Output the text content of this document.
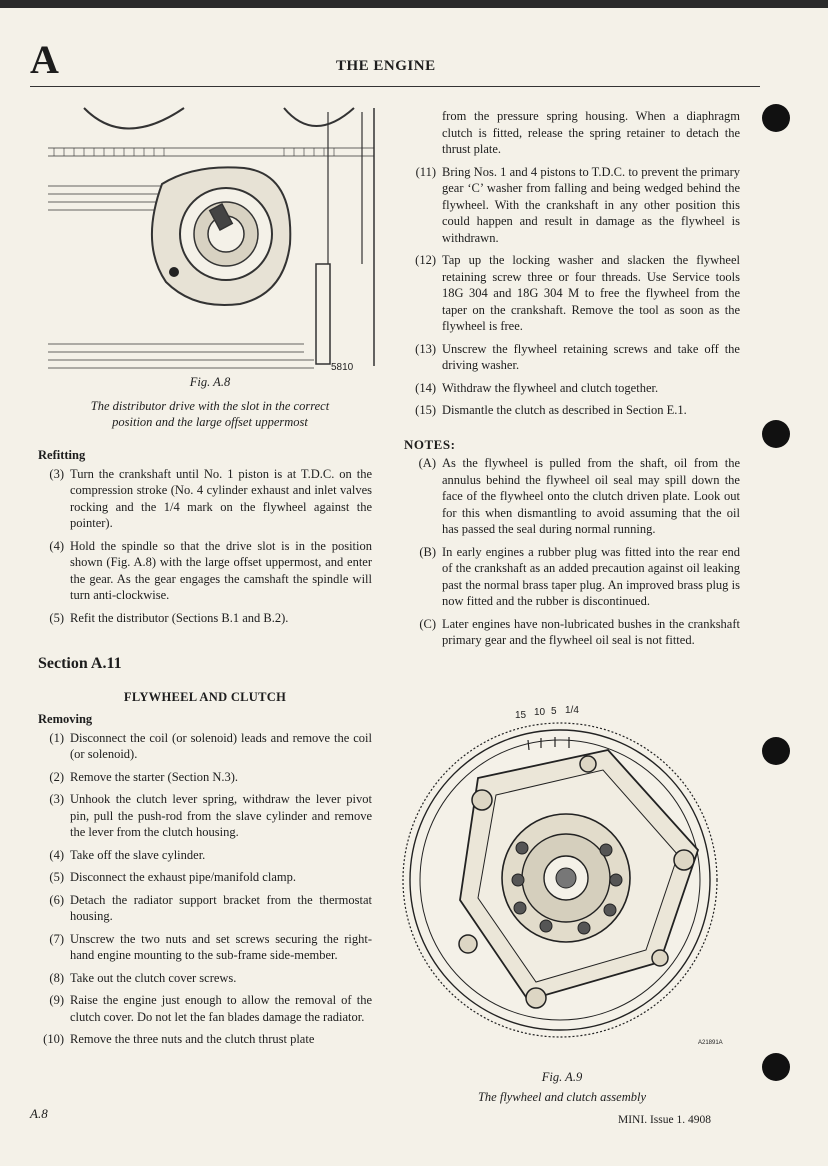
A	THE ENGINE
5810
Fig. A.8
The distributor drive with the slot in the correct
position and the large offset uppermost
Refitting
(3) Turn the crankshaft until No. 1 piston is at T.D.C. on the compression stroke (No. 4 cylinder exhaust and inlet valves rocking and the 1/4 mark on the flywheel against the pointer).
(4) Hold the spindle so that the drive slot is in the position shown (Fig. A.8) with the large offset uppermost, and enter the gear. As the gear engages the camshaft the spindle will turn anti-clockwise.
(5) Refit the distributor (Sections B.1 and B.2).
Section A.11
FLYWHEEL AND CLUTCH
Removing
(1) Disconnect the coil (or solenoid) leads and remove the coil (or solenoid).
(2) Remove the starter (Section N.3).
(3) Unhook the clutch lever spring, withdraw the lever pivot pin, pull the push-rod from the slave cylinder and remove the lever from the clutch housing.
(4) Take off the slave cylinder.
(5) Disconnect the exhaust pipe/manifold clamp.
(6) Detach the radiator support bracket from the thermostat housing.
(7) Unscrew the two nuts and set screws securing the right-hand engine mounting to the sub-frame side-member.
(8) Take out the clutch cover screws.
(9) Raise the engine just enough to allow the removal of the clutch cover. Do not let the fan blades damage the radiator.
(10) Remove the three nuts and the clutch thrust plate
from the pressure spring housing. When a diaphragm clutch is fitted, release the spring retainer to detach the thrust plate.
(11) Bring Nos. 1 and 4 pistons to T.D.C. to prevent the primary gear ‘C’ washer from falling and being wedged behind the flywheel. With the crankshaft in any other position this could happen and result in damage as the flywheel is withdrawn.
(12) Tap up the locking washer and slacken the flywheel retaining screw three or four threads. Use Service tools 18G 304 and 18G 304 M to free the flywheel from the taper on the crankshaft. Remove the tool as soon as the flywheel is free.
(13) Unscrew the flywheel retaining screws and take off the driving washer.
(14) Withdraw the flywheel and clutch together.
(15) Dismantle the clutch as described in Section E.1.
NOTES:
(A) As the flywheel is pulled from the shaft, oil from the annulus behind the flywheel oil seal may spill down the face of the flywheel onto the clutch driven plate. Look out for this when dismantling to avoid assuming that the oil has passed the seal during normal running.
(B) In early engines a rubber plug was fitted into the rear end of the crankshaft as an added precaution against oil leaking past the normal brass taper plug. An improved brass plug is now fitted and the rubber is discontinued.
(C) Later engines have non-lubricated bushes in the crankshaft primary gear and the flywheel oil seal is not fitted.
15 10 5 1/4
A21891A
Fig. A.9
The flywheel and clutch assembly
A.8	MINI. Issue 1. 4908
